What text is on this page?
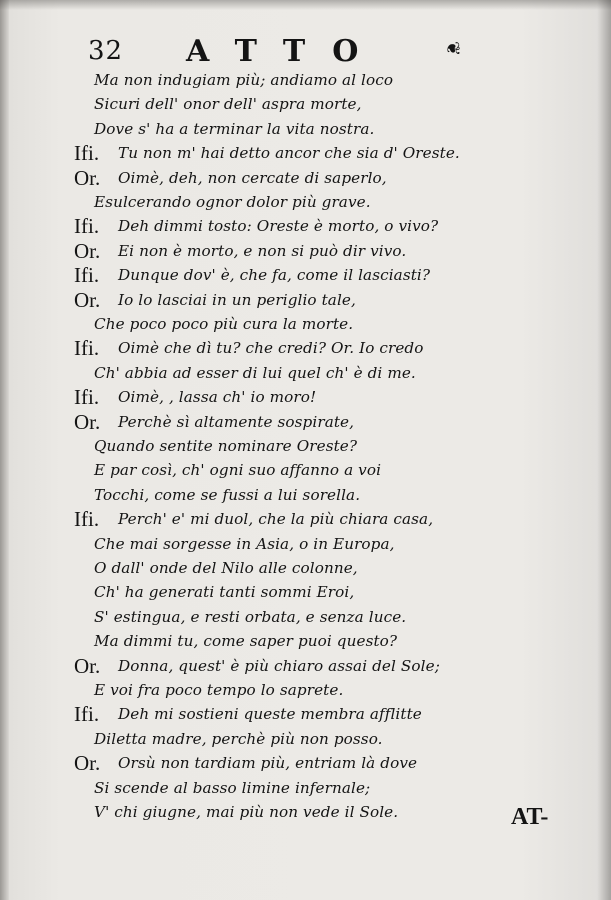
32 ATTO	❦
Ma non indugiam più; andiamo al loco
Sicuri dell' onor dell' aspra morte,
Dove s' ha a terminar la vita nostra.
Ifi. Tu non m' hai detto ancor che sia d' Oreste.
Or. Oimè, deh, non cercate di saperlo,
Esulcerando ognor dolor più grave.
Ifi. Deh dimmi tosto: Oreste è morto, o vivo?
Or. Ei non è morto, e non si può dir vivo.
Ifi. Dunque dov' è, che fa, come il lasciasti?
Or. Io lo lasciai in un periglio tale,
Che poco poco più cura la morte.
Ifi. Oimè che dì tu? che credi? Or. Io credo
Ch' abbia ad esser di lui quel ch' è di me.
Ifi. Oimè, , lassa ch' io moro!
Or. Perchè sì altamente sospirate,
Quando sentite nominare Oreste?
E par così, ch' ogni suo affanno a voi
Tocchi, come se fussi a lui sorella.
Ifi. Perch' e' mi duol, che la più chiara casa,
Che mai sorgesse in Asia, o in Europa,
O dall' onde del Nilo alle colonne,
Ch' ha generati tanti sommi Eroi,
S' estingua, e resti orbata, e senza luce.
Ma dimmi tu, come saper puoi questo?
Or. Donna, quest' è più chiaro assai del Sole;
E voi fra poco tempo lo saprete.
Ifi. Deh mi sostieni queste membra afflitte
Diletta madre, perchè più non posso.
Or. Orsù non tardiam più, entriam là dove
Si scende al basso limine infernale;
V' chi giugne, mai più non vede il Sole.	AT-
